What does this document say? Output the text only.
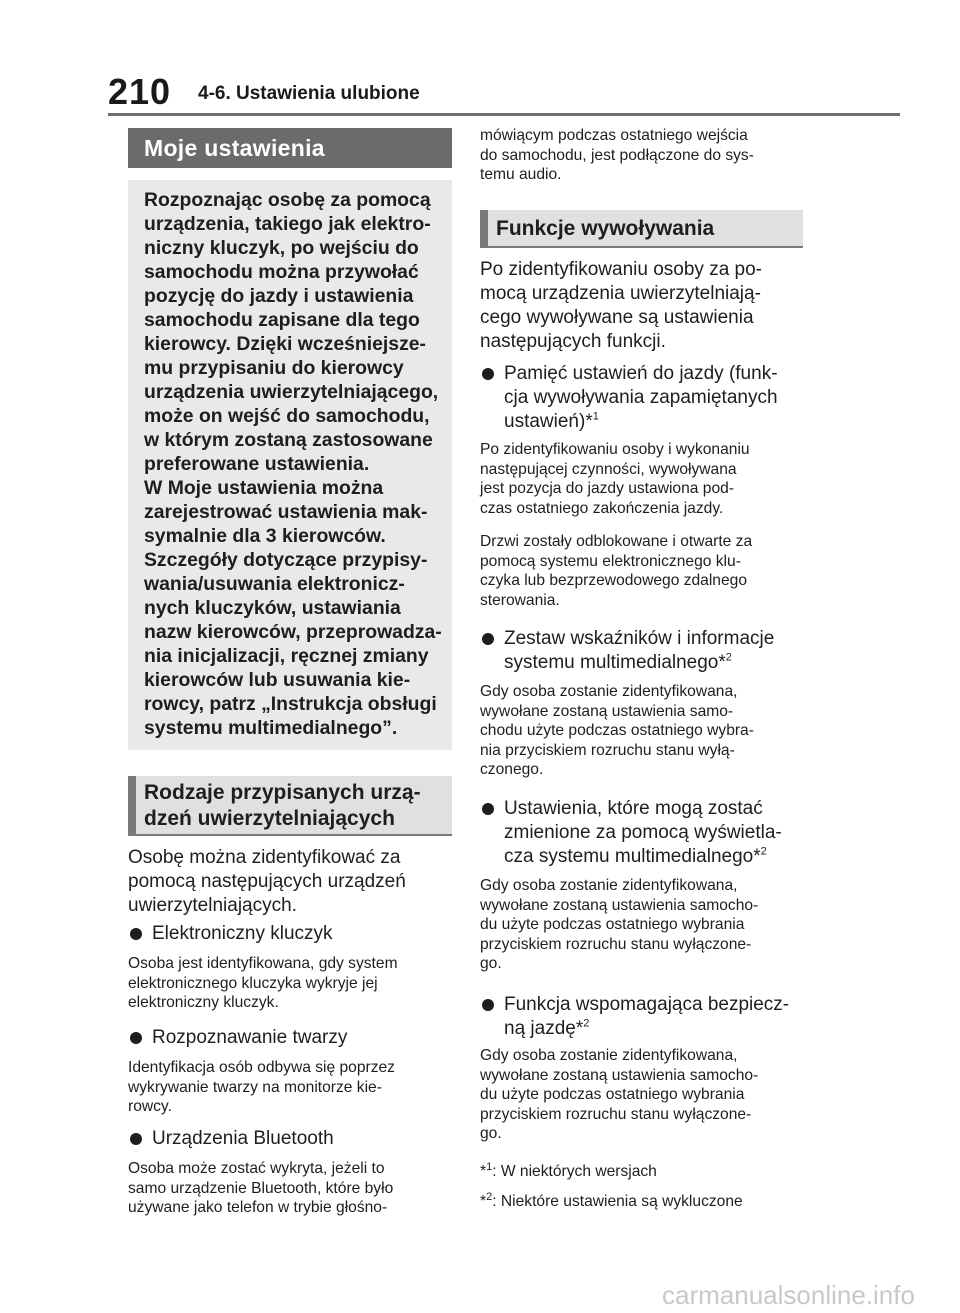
210 4-6. Ustawienia ulubione
Moje ustawienia
Rozpoznając osobę za pomocą
urządzenia, takiego jak elektro-
niczny kluczyk, po wejściu do
samochodu można przywołać
pozycję do jazdy i ustawienia
samochodu zapisane dla tego
kierowcy. Dzięki wcześniejsze-
mu przypisaniu do kierowcy
urządzenia uwierzytelniającego,
może on wejść do samochodu,
w którym zostaną zastosowane
preferowane ustawienia.
W Moje ustawienia można
zarejestrować ustawienia mak-
symalnie dla 3 kierowców.
Szczegóły dotyczące przypisy-
wania/usuwania elektronicz-
nych kluczyków, ustawiania
nazw kierowców, przeprowadza-
nia inicjalizacji, ręcznej zmiany
kierowców lub usuwania kie-
rowcy, patrz „Instrukcja obsługi
systemu multimedialnego”.
Rodzaje przypisanych urzą-
dzeń uwierzytelniających
Osobę można zidentyfikować za
pomocą następujących urządzeń
uwierzytelniających.
Elektroniczny kluczyk
Osoba jest identyfikowana, gdy system
elektronicznego kluczyka wykryje jej
elektroniczny kluczyk.
Rozpoznawanie twarzy
Identyfikacja osób odbywa się poprzez
wykrywanie twarzy na monitorze kie-
rowcy.
Urządzenia Bluetooth
Osoba może zostać wykryta, jeżeli to
samo urządzenie Bluetooth, które było
używane jako telefon w trybie głośno-
mówiącym podczas ostatniego wejścia
do samochodu, jest podłączone do sys-
temu audio.
Funkcje wywoływania
Po zidentyfikowaniu osoby za po-
mocą urządzenia uwierzytelniają-
cego wywoływane są ustawienia
następujących funkcji.
Pamięć ustawień do jazdy (funk-
cja wywoływania zapamiętanych
ustawień)*$^1$
Po zidentyfikowaniu osoby i wykonaniu
następującej czynności, wywoływana
jest pozycja do jazdy ustawiona pod-
czas ostatniego zakończenia jazdy.
Drzwi zostały odblokowane i otwarte za
pomocą systemu elektronicznego klu-
czyka lub bezprzewodowego zdalnego
sterowania.
Zestaw wskaźników i informacje
systemu multimedialnego*$^2$
Gdy osoba zostanie zidentyfikowana,
wywołane zostaną ustawienia samo-
chodu użyte podczas ostatniego wybra-
nia przyciskiem rozruchu stanu wyłą-
czonego.
Ustawienia, które mogą zostać
zmienione za pomocą wyświetla-
cza systemu multimedialnego*$^2$
Gdy osoba zostanie zidentyfikowana,
wywołane zostaną ustawienia samocho-
du użyte podczas ostatniego wybrania
przyciskiem rozruchu stanu wyłączone-
go.
Funkcja wspomagająca bezpiecz-
ną jazdę*$^2$
Gdy osoba zostanie zidentyfikowana,
wywołane zostaną ustawienia samocho-
du użyte podczas ostatniego wybrania
przyciskiem rozruchu stanu wyłączone-
go.
*$^1$: W niektórych wersjach
*$^2$: Niektóre ustawienia są wykluczone
carmanualsonline.info
